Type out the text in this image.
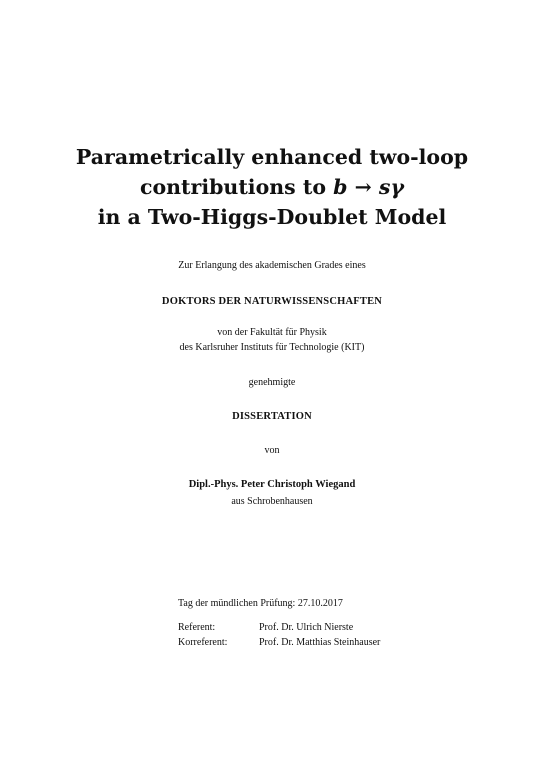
Parametrically enhanced two-loop
contributions to b → sγ
in a Two-Higgs-Doublet Model
Zur Erlangung des akademischen Grades eines
DOKTORS DER NATURWISSENSCHAFTEN
von der Fakultät für Physik
des Karlsruher Instituts für Technologie (KIT)
genehmigte
DISSERTATION
von
Dipl.-Phys. Peter Christoph Wiegand
aus Schrobenhausen
Tag der mündlichen Prüfung: 27.10.2017
Referent:	Prof. Dr. Ulrich Nierste
Korreferent:	Prof. Dr. Matthias Steinhauser
